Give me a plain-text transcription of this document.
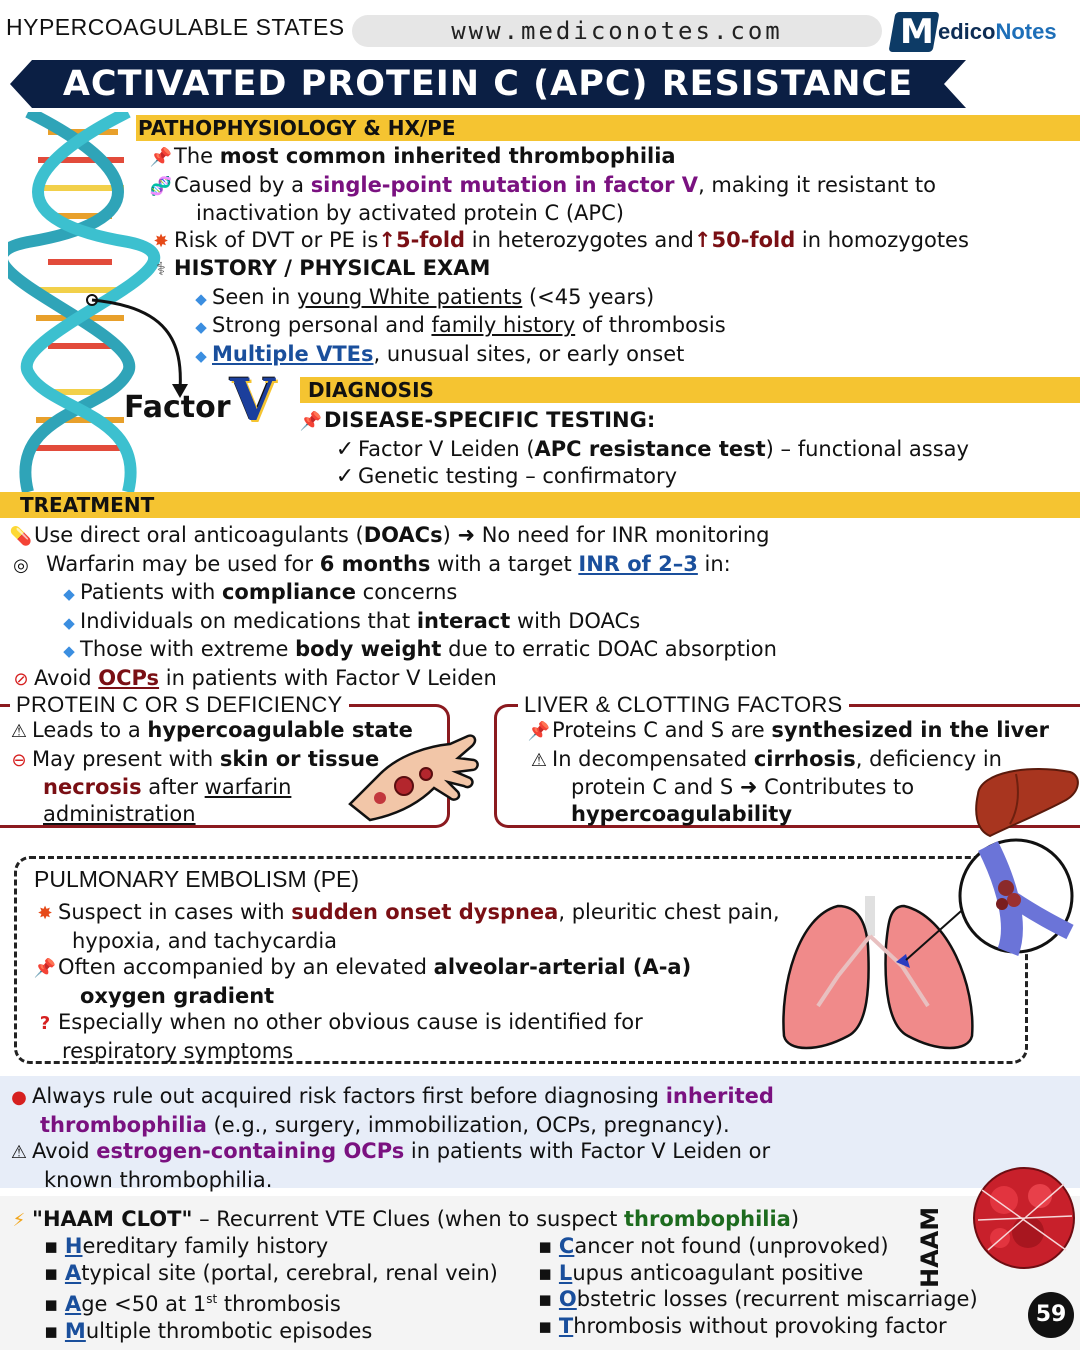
HYPERCOAGULABLE STATES	www.mediconotes.com	M edicoNotes
ACTIVATED PROTEIN C (APC) RESISTANCE
Factor V
PATHOPHYSIOLOGY & HX/PE
📌The most common inherited thrombophilia
🧬Caused by a single-point mutation in factor V, making it resistant to
inactivation by activated protein C (APC)
✸ Risk of DVT or PE is↑5-fold in heterozygotes and↑50-fold in homozygotes
⚕ HISTORY / PHYSICAL EXAM
◆ Seen in young White patients (<45 years)
◆ Strong personal and family history of thrombosis
◆ Multiple VTEs, unusual sites, or early onset
DIAGNOSIS
📌DISEASE-SPECIFIC TESTING:
✓ Factor V Leiden (APC resistance test) – functional assay
✓ Genetic testing – confirmatory
TREATMENT
💊Use direct oral anticoagulants (DOACs) ➜ No need for INR monitoring
◎ Warfarin may be used for 6 months with a target INR of 2–3 in:
◆ Patients with compliance concerns
◆ Individuals on medications that interact with DOACs
◆ Those with extreme body weight due to erratic DOAC absorption
⊘ Avoid OCPs in patients with Factor V Leiden
PROTEIN C OR S DEFICIENCY
⚠ Leads to a hypercoagulable state
⊖ May present with skin or tissue
necrosis after warfarin
administration
LIVER & CLOTTING FACTORS
📌Proteins C and S are synthesized in the liver
⚠ In decompensated cirrhosis, deficiency in
protein C and S ➜ Contributes to
hypercoagulability
PULMONARY EMBOLISM (PE)
✸ Suspect in cases with sudden onset dyspnea, pleuritic chest pain,
hypoxia, and tachycardia
📌Often accompanied by an elevated alveolar-arterial (A-a)
oxygen gradient
? Especially when no other obvious cause is identified for
respiratory symptoms
● Always rule out acquired risk factors first before diagnosing inherited
thrombophilia (e.g., surgery, immobilization, OCPs, pregnancy).
⚠ Avoid estrogen-containing OCPs in patients with Factor V Leiden or
known thrombophilia.
⚡ "HAAM CLOT" – Recurrent VTE Clues (when to suspect thrombophilia)
▪ Hereditary family history
▪ Atypical site (portal, cerebral, renal vein)
▪ Age <50 at 1st thrombosis
▪ Multiple thrombotic episodes
▪ Cancer not found (unprovoked)
▪ Lupus anticoagulant positive
▪ Obstetric losses (recurrent miscarriage)
▪ Thrombosis without provoking factor
HAAM
59
